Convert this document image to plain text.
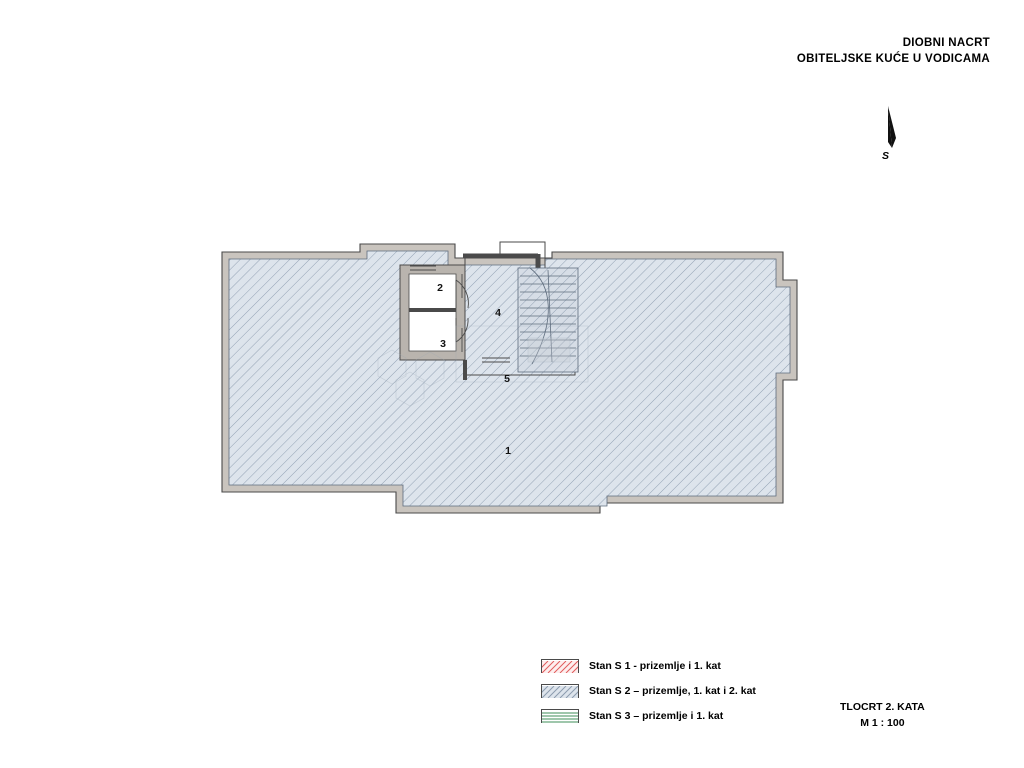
DIOBNI NACRT
OBITELJSKE KUĆE U VODICAMA
S
1
2
3
4
5
Stan S 1 - prizemlje i 1. kat
Stan S 2 – prizemlje, 1. kat i 2. kat
Stan S 3 – prizemlje i 1. kat
TLOCRT 2. KATA
M 1 : 100
